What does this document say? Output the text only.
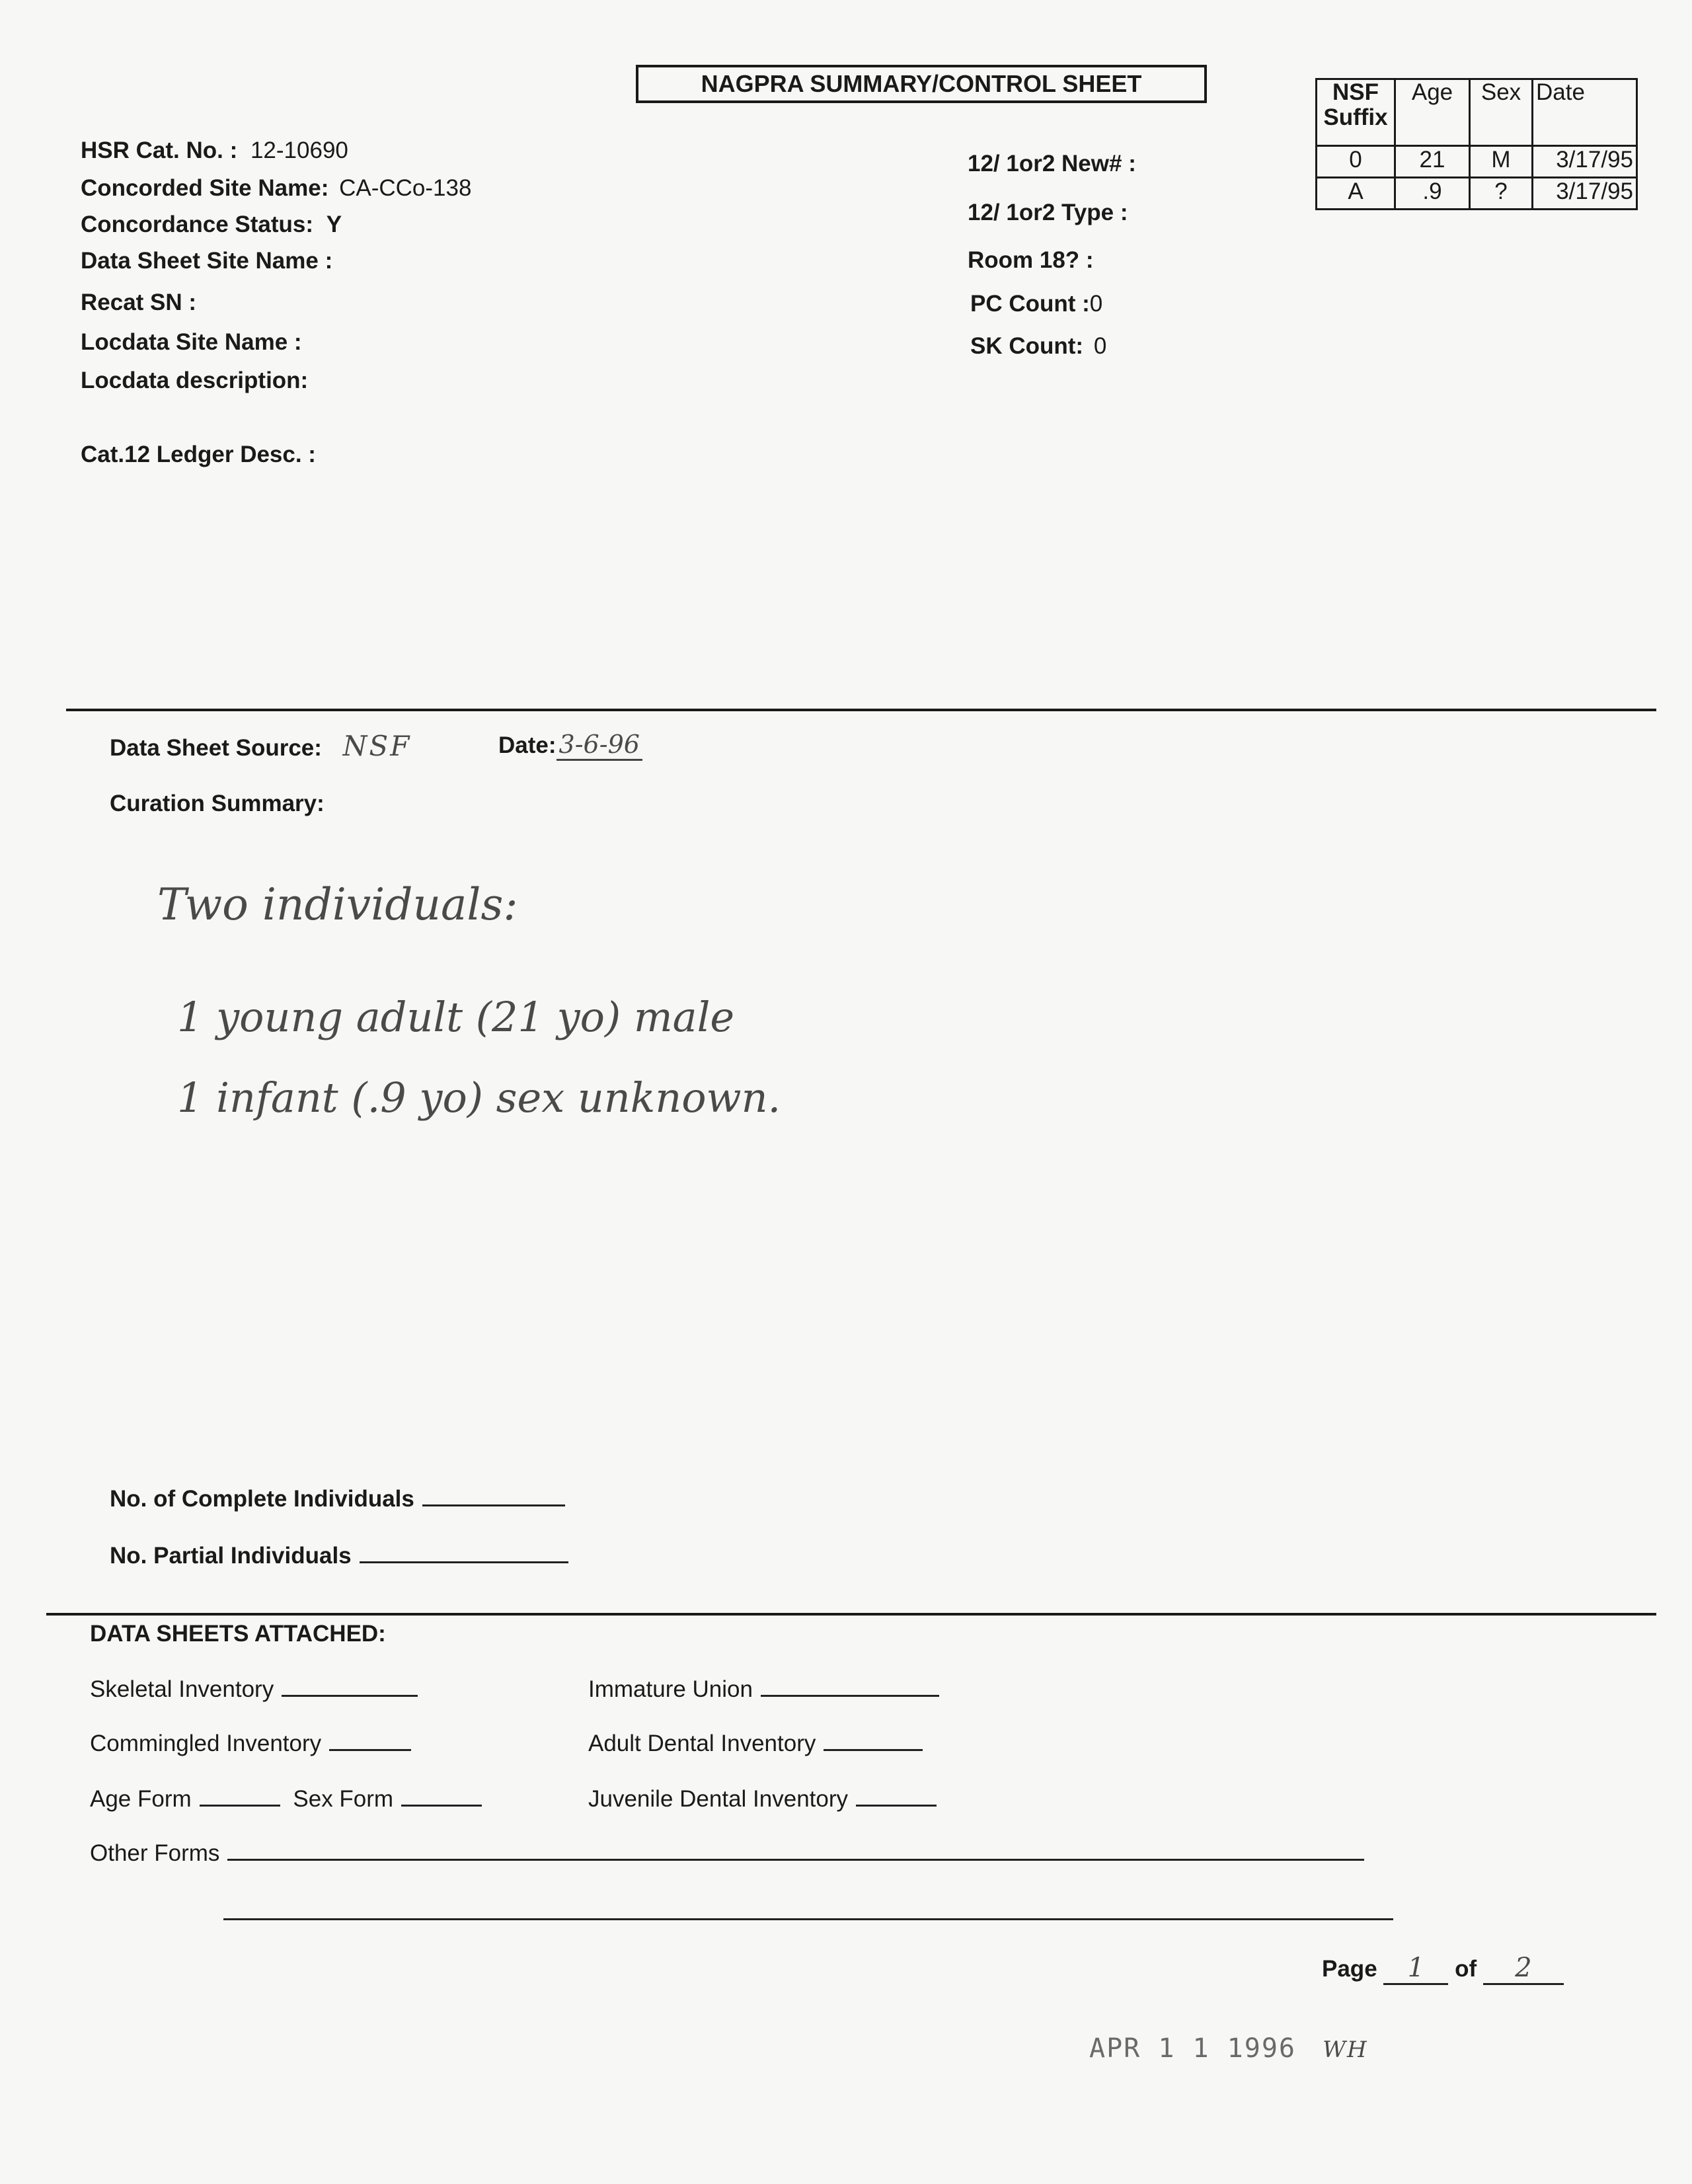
NAGPRA SUMMARY/CONTROL SHEET
HSR Cat. No. : 12-10690
Concorded Site Name: CA-CCo-138
Concordance Status: Y
Data Sheet Site Name :
Recat SN :
Locdata Site Name :
Locdata description:
Cat.12 Ledger Desc. :
12/ 1or2 New# :
12/ 1or2 Type :
Room 18? :
PC Count :0
SK Count: 0
NSF Suffix	Age	Sex	Date
0	21	M	3/17/95
A	.9	?	3/17/95
Data Sheet Source: NSF	Date: 3-6-96
Curation Summary:
Two individuals:
1 young adult (21 yo) male
1 infant (.9 yo) sex unknown.
No. of Complete Individuals
No. Partial Individuals
DATA SHEETS ATTACHED:
Skeletal Inventory
Commingled Inventory
Age Form	Sex Form
Other Forms
Immature Union
Adult Dental Inventory
Juvenile Dental Inventory
Page 1 of 2
APR 1 1 1996 WH
